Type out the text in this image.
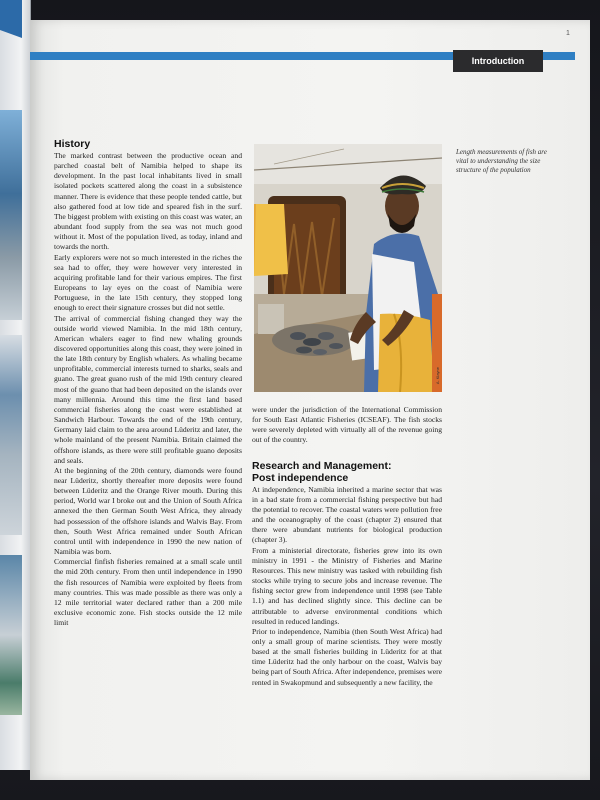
1
Introduction
History

The marked contrast between the productive ocean and parched coastal belt of Namibia helped to shape its development. In the past local inhabitants lived in small isolated pockets scattered along the coast in a subsistence manner. There is evidence that these people tended cattle, but also gathered food at low tide and speared fish in the surf. The biggest problem with existing on this coast was water, an abundant food supply from the sea was not much good without it. Most of the population lived, as today, inland and towards the north.

Early explorers were not so much interested in the riches the sea had to offer, they were however very interested in acquiring profitable land for their various empires. The first Europeans to lay eyes on the coast of Namibia were Portuguese, in the late 15th century, they stopped long enough to erect their signature crosses but did not settle.

The arrival of commercial fishing changed they way the outside world viewed Namibia. In the mid 18th century, American whalers eager to find new whaling grounds discovered opportunities along this coast, they were joined in the late 18th century by English whalers. As whaling became unprofitable, commercial interests turned to sharks, seals and guano. The great guano rush of the mid 19th century cleared most of the guano that had been deposited on the islands over many millennia. Around this time the first land based commercial fisheries along the coast were established at Sandwich Harbour. Towards the end of the 19th century, Germany laid claim to the area around Lüderitz and later, the whole mainland of the present Namibia. Britain claimed the offshore islands, as there were still profitable guano deposits and seals.

At the beginning of the 20th century, diamonds were found near Lüderitz, shortly thereafter more deposits were found between Lüderitz and the Orange River mouth. During this period, World war I broke out and the Union of South Africa annexed the then German South West Africa, they already had possession of the offshore islands and Walvis Bay. From then, South West Africa remained under South African control until with independence in 1990 the new nation of Namibia was born.

Commercial finfish fisheries remained at a small scale until the mid 20th century. From then until independence in 1990 the fish resources of Namibia were exploited by fleets from many countries. This was made possible as there was only a 12 mile territorial water declared rather than a 200 mile exclusive economic zone. Fish stocks outside the 12 mile limit

A. Klayne
Length measurements of fish are vital to understanding the size structure of the population

were under the jurisdiction of the International Commission for South East Atlantic Fisheries (ICSEAF). The fish stocks were severely depleted with virtually all of the revenue going out of the country.

Research and Management:
Post independence

At independence, Namibia inherited a marine sector that was in a bad state from a commercial fishing perspective but had the potential to recover. The coastal waters were pollution free and the oceanography of the coast (chapter 2) ensured that there were abundant nutrients for biological production (chapter 3).

From a ministerial directorate, fisheries grew into its own ministry in 1991 - the Ministry of Fisheries and Marine Resources. This new ministry was tasked with rebuilding fish stocks while trying to secure jobs and increase revenue. The fishing sector grew from independence until 1998 (see Table 1.1) and has declined slightly since. This decline can be attributable to adverse environmental conditions which resulted in reduced landings.

Prior to independence, Namibia (then South West Africa) had only a small group of marine scientists. They were mostly based at the small fisheries building in Lüderitz for at that time Lüderitz had the only harbour on the coast, Walvis bay being part of South Africa. After independence, premises were rented in Swakopmund and subsequently a new facility, the
